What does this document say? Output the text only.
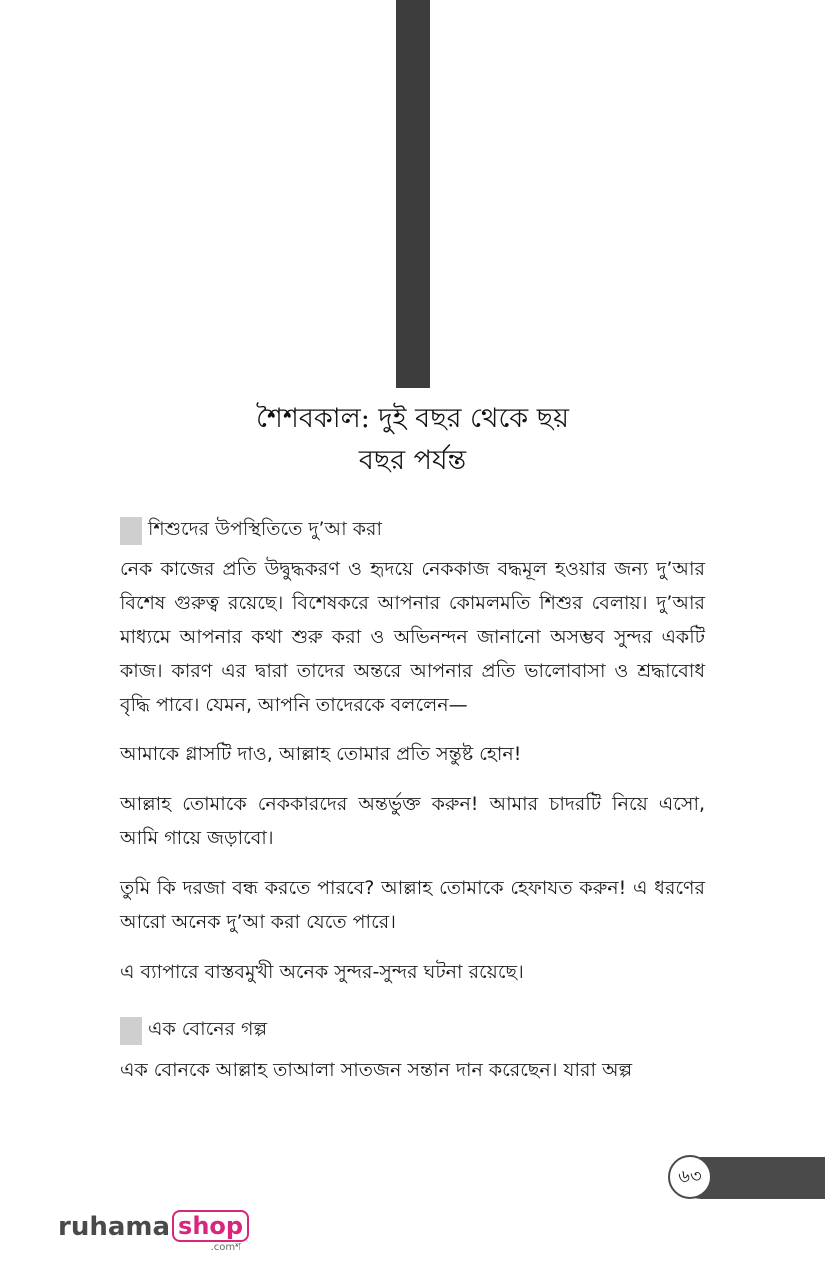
শৈশবকাল: দুই বছর থেকে ছয়
বছর পর্যন্ত
শিশুদের উপস্থিতিতে দু’আ করা

নেক কাজের প্রতি উদ্বুদ্ধকরণ ও হৃদয়ে নেককাজ বদ্ধমূল হওয়ার জন্য দু’আর বিশেষ গুরুত্ব রয়েছে। বিশেষকরে আপনার কোমলমতি শিশুর বেলায়। দু’আর মাধ্যমে আপনার কথা শুরু করা ও অভিনন্দন জানানো অসম্ভব সুন্দর একটি কাজ। কারণ এর দ্বারা তাদের অন্তরে আপনার প্রতি ভালোবাসা ও শ্রদ্ধাবোধ বৃদ্ধি পাবে। যেমন, আপনি তাদেরকে বললেন—

আমাকে গ্লাসটি দাও, আল্লাহ তোমার প্রতি সন্তুষ্ট হোন!

আল্লাহ তোমাকে নেককারদের অন্তর্ভুক্ত করুন! আমার চাদরটি নিয়ে এসো, আমি গায়ে জড়াবো।

তুমি কি দরজা বন্ধ করতে পারবে? আল্লাহ তোমাকে হেফাযত করুন! এ ধরণের আরো অনেক দু’আ করা যেতে পারে।

এ ব্যাপারে বাস্তবমুখী অনেক সুন্দর-সুন্দর ঘটনা রয়েছে।

এক বোনের গল্প

এক বোনকে আল্লাহ তাআলা সাতজন সন্তান দান করেছেন। যারা অল্প

৬৩
ruhama shop
.comশ
